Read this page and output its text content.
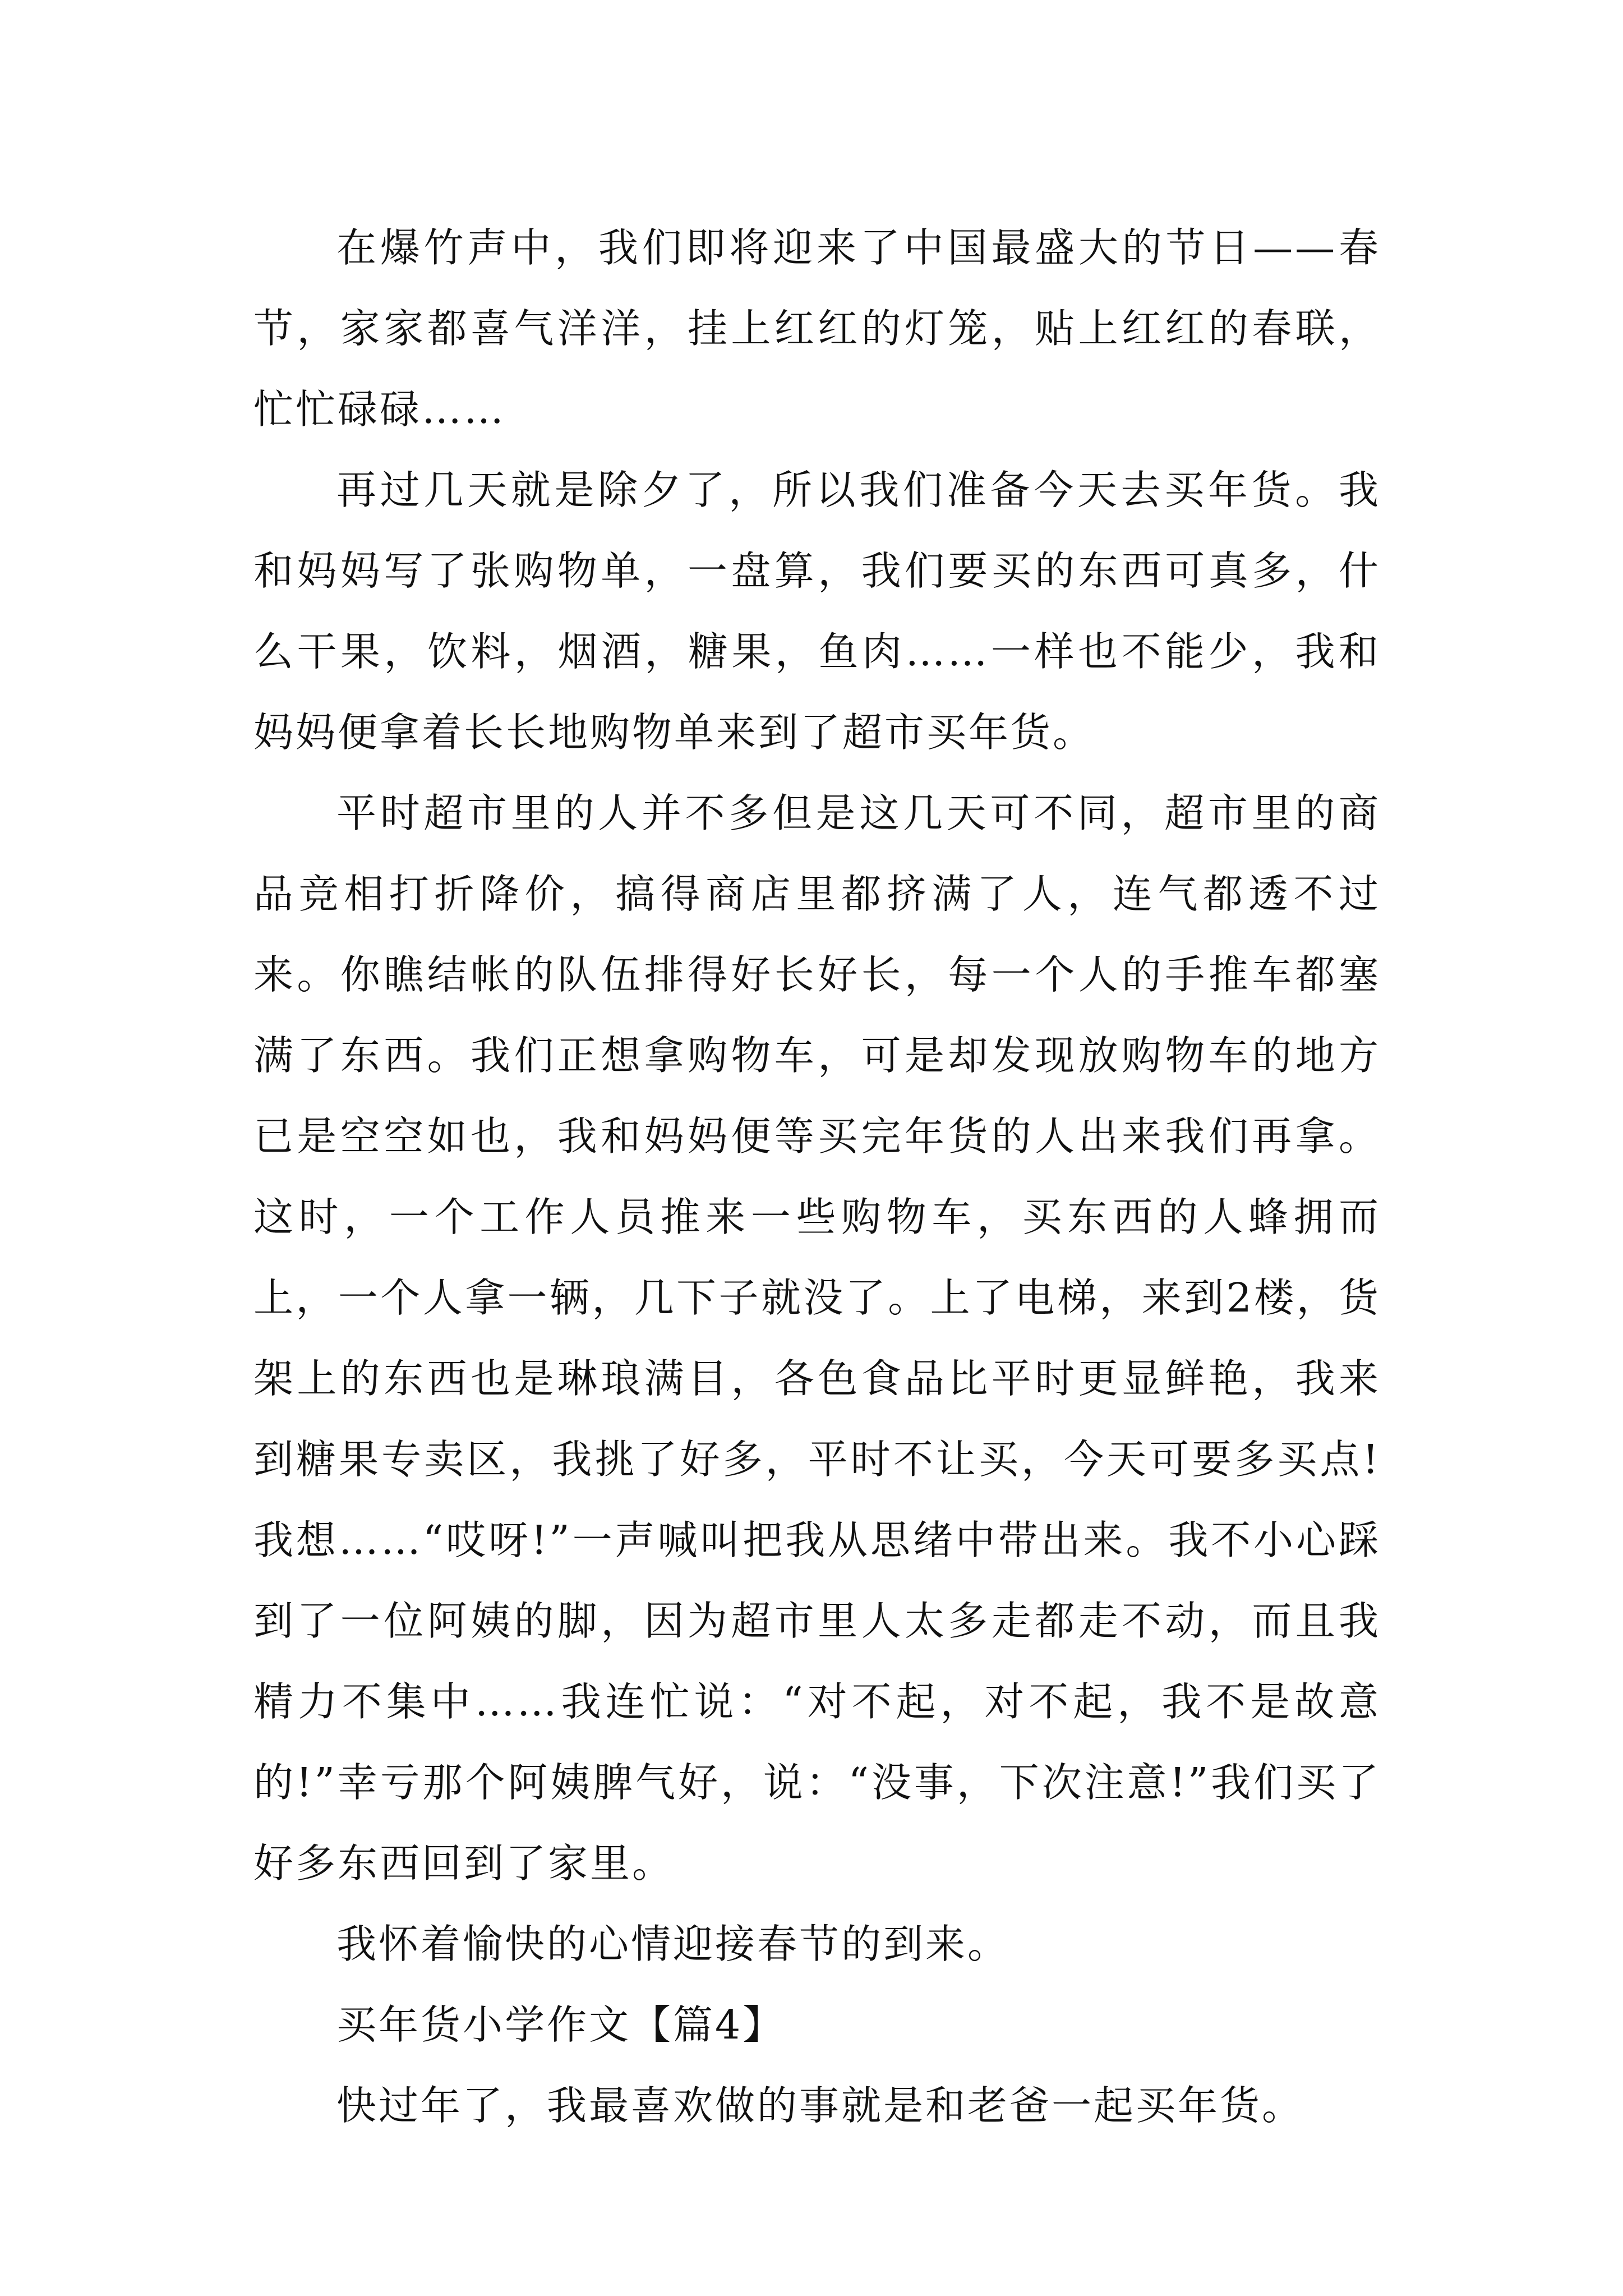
在爆竹声中，我们即将迎来了中国最盛大的节日——春节，家家都喜气洋洋，挂上红红的灯笼，贴上红红的春联，忙忙碌碌……

再过几天就是除夕了，所以我们准备今天去买年货。我和妈妈写了张购物单，一盘算，我们要买的东西可真多，什么干果，饮料，烟酒，糖果，鱼肉……一样也不能少，我和妈妈便拿着长长地购物单来到了超市买年货。

平时超市里的人并不多但是这几天可不同，超市里的商品竞相打折降价，搞得商店里都挤满了人，连气都透不过来。你瞧结帐的队伍排得好长好长，每一个人的手推车都塞满了东西。我们正想拿购物车，可是却发现放购物车的地方已是空空如也，我和妈妈便等买完年货的人出来我们再拿。这时，一个工作人员推来一些购物车，买东西的人蜂拥而上，一个人拿一辆，几下子就没了。上了电梯，来到2楼，货架上的东西也是琳琅满目，各色食品比平时更显鲜艳，我来到糖果专卖区，我挑了好多，平时不让买，今天可要多买点!我想……“哎呀!”一声喊叫把我从思绪中带出来。我不小心踩到了一位阿姨的脚，因为超市里人太多走都走不动，而且我精力不集中……我连忙说：“对不起，对不起，我不是故意的!”幸亏那个阿姨脾气好，说：“没事，下次注意!”我们买了好多东西回到了家里。

我怀着愉快的心情迎接春节的到来。

买年货小学作文【篇4】

快过年了，我最喜欢做的事就是和老爸一起买年货。
